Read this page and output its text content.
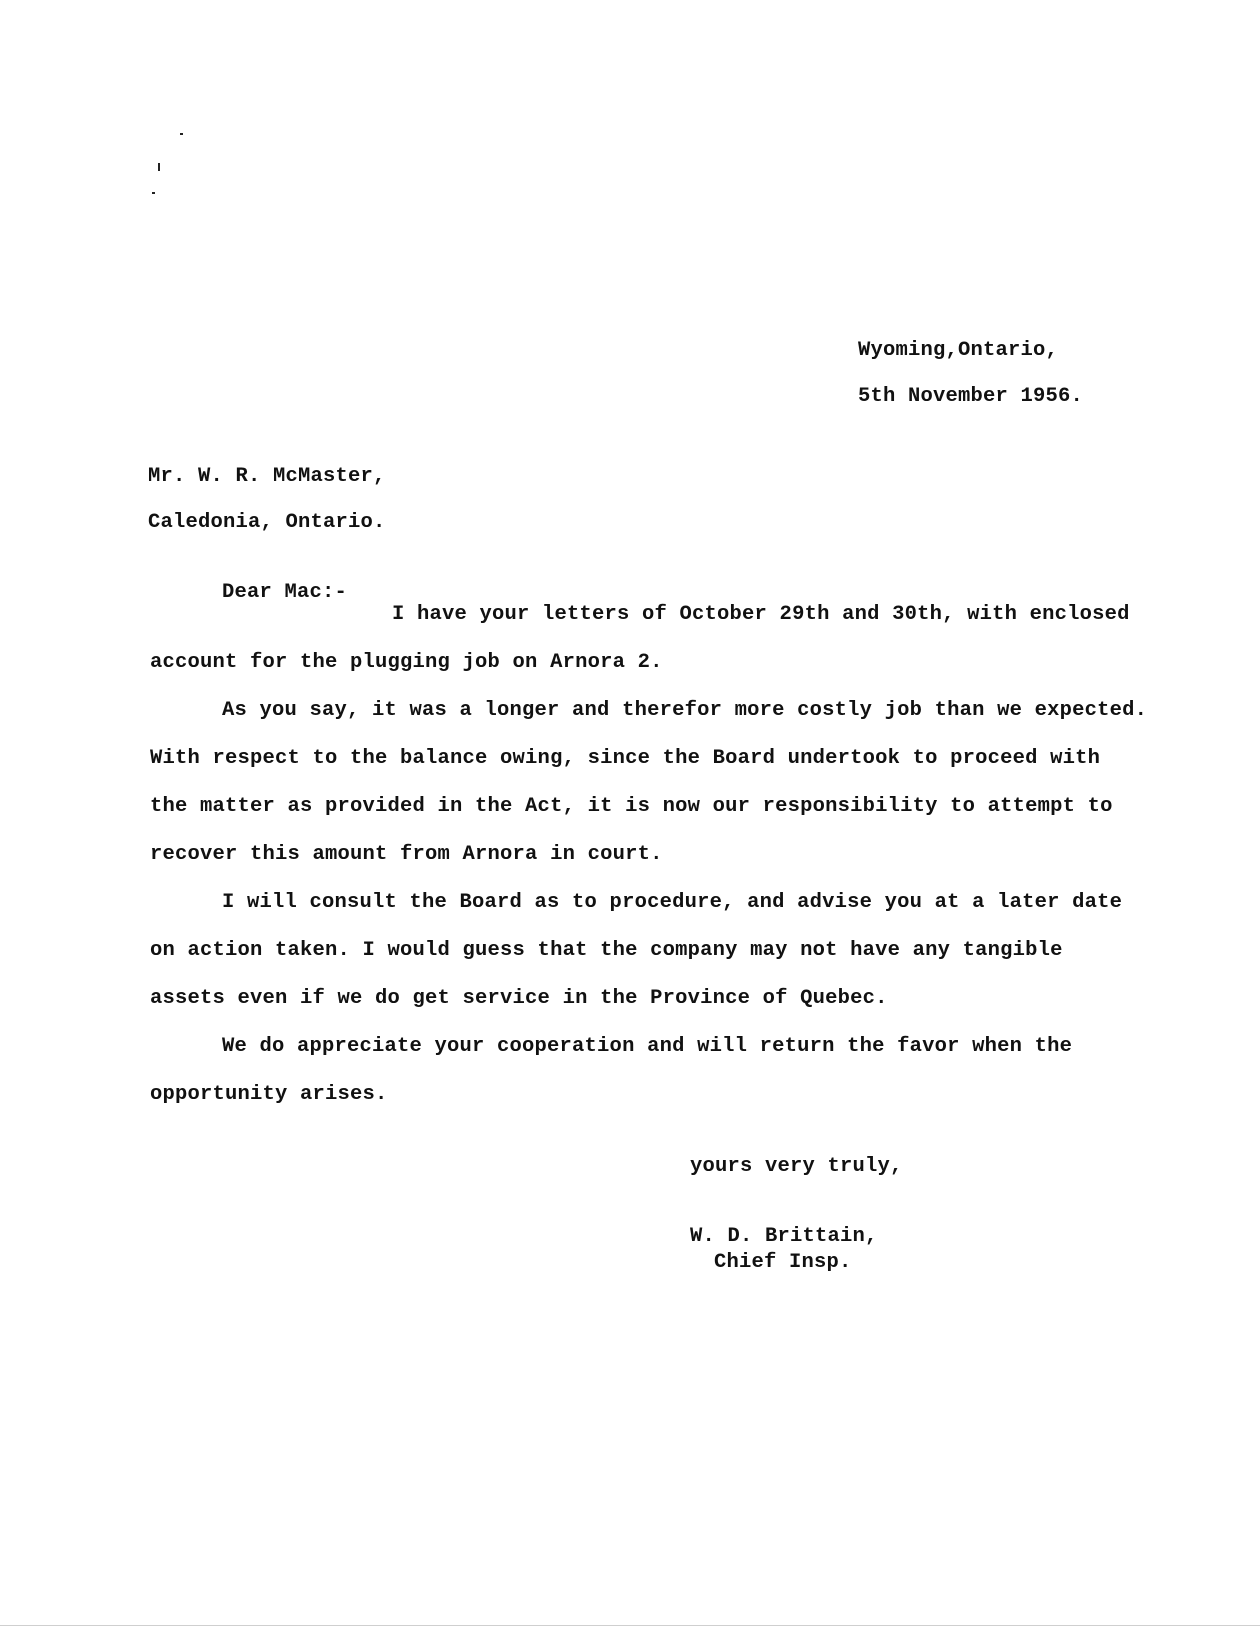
Wyoming,Ontario,
5th November 1956.
Mr. W. R. McMaster,
Caledonia, Ontario.
Dear Mac:-
I have your letters of October 29th and 30th, with enclosed
account for the plugging job on Arnora 2.
As you say, it was a longer and therefor more costly job than we expected.
With respect to the balance owing, since the Board undertook to proceed with
the matter as provided in the Act, it is now our responsibility to attempt to
recover this amount from Arnora in court.
I will consult the Board as to procedure, and advise you at a later date
on action taken. I would guess that the company may not have any tangible
assets even if we do get service in the Province of Quebec.
We do appreciate your cooperation and will return the favor when the
opportunity arises.
yours very truly,
W. D. Brittain,
Chief Insp.
